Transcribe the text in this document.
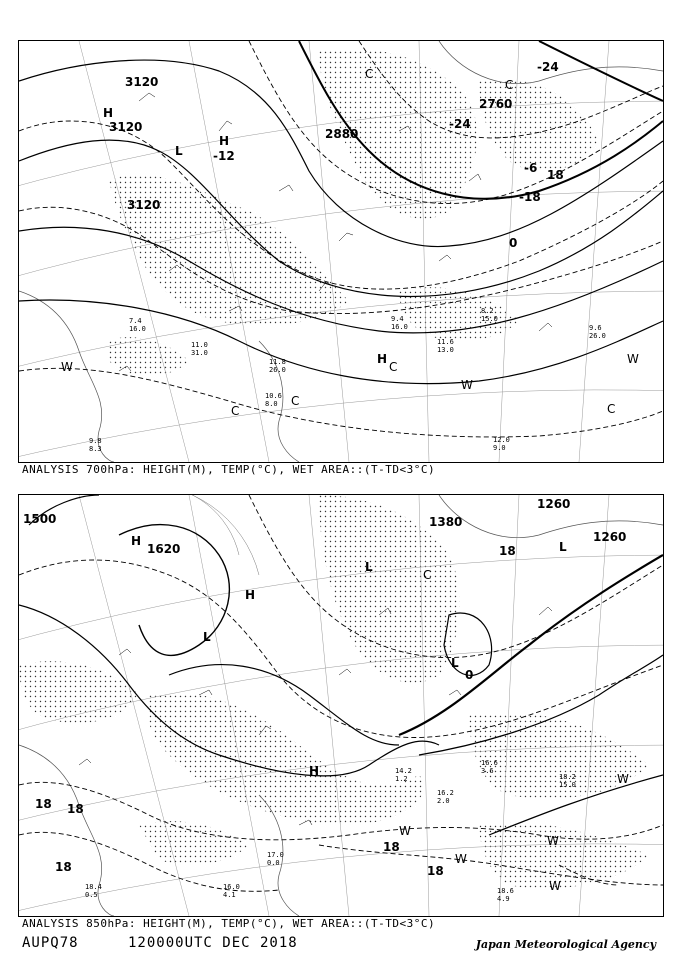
3120
3120
3120
2880
2760
-12
-24
-24
-18
-6 18
0
H
H
L
C
C
H
C
W
C
C
W
W
C
11.6
13.0
12.0
9.0
9.6
26.0
9.8
8.3
11.8
26.0
9.4
16.0
8.2
15.0
10.6
8.0
11.0
31.0
7.4
16.0
ANALYSIS 700hPa: HEIGHT(M), TEMP(°C), WET AREA::(T-TD<3°C)
1500
1620
1380
1260
1260
18 18
18
18
18
18
0
H
H
L
L
C
L
L
H
W
W
W
W
W
14.2
1.2
16.2
2.0
16.6
3.6
18.2
15.0
18.6
4.9
16.0
4.1
17.0
0.0
18.4
0.5
ANALYSIS 850hPa: HEIGHT(M), TEMP(°C), WET AREA::(T-TD<3°C)
AUPQ78	120000UTC DEC 2018	Japan Meteorological Agency
